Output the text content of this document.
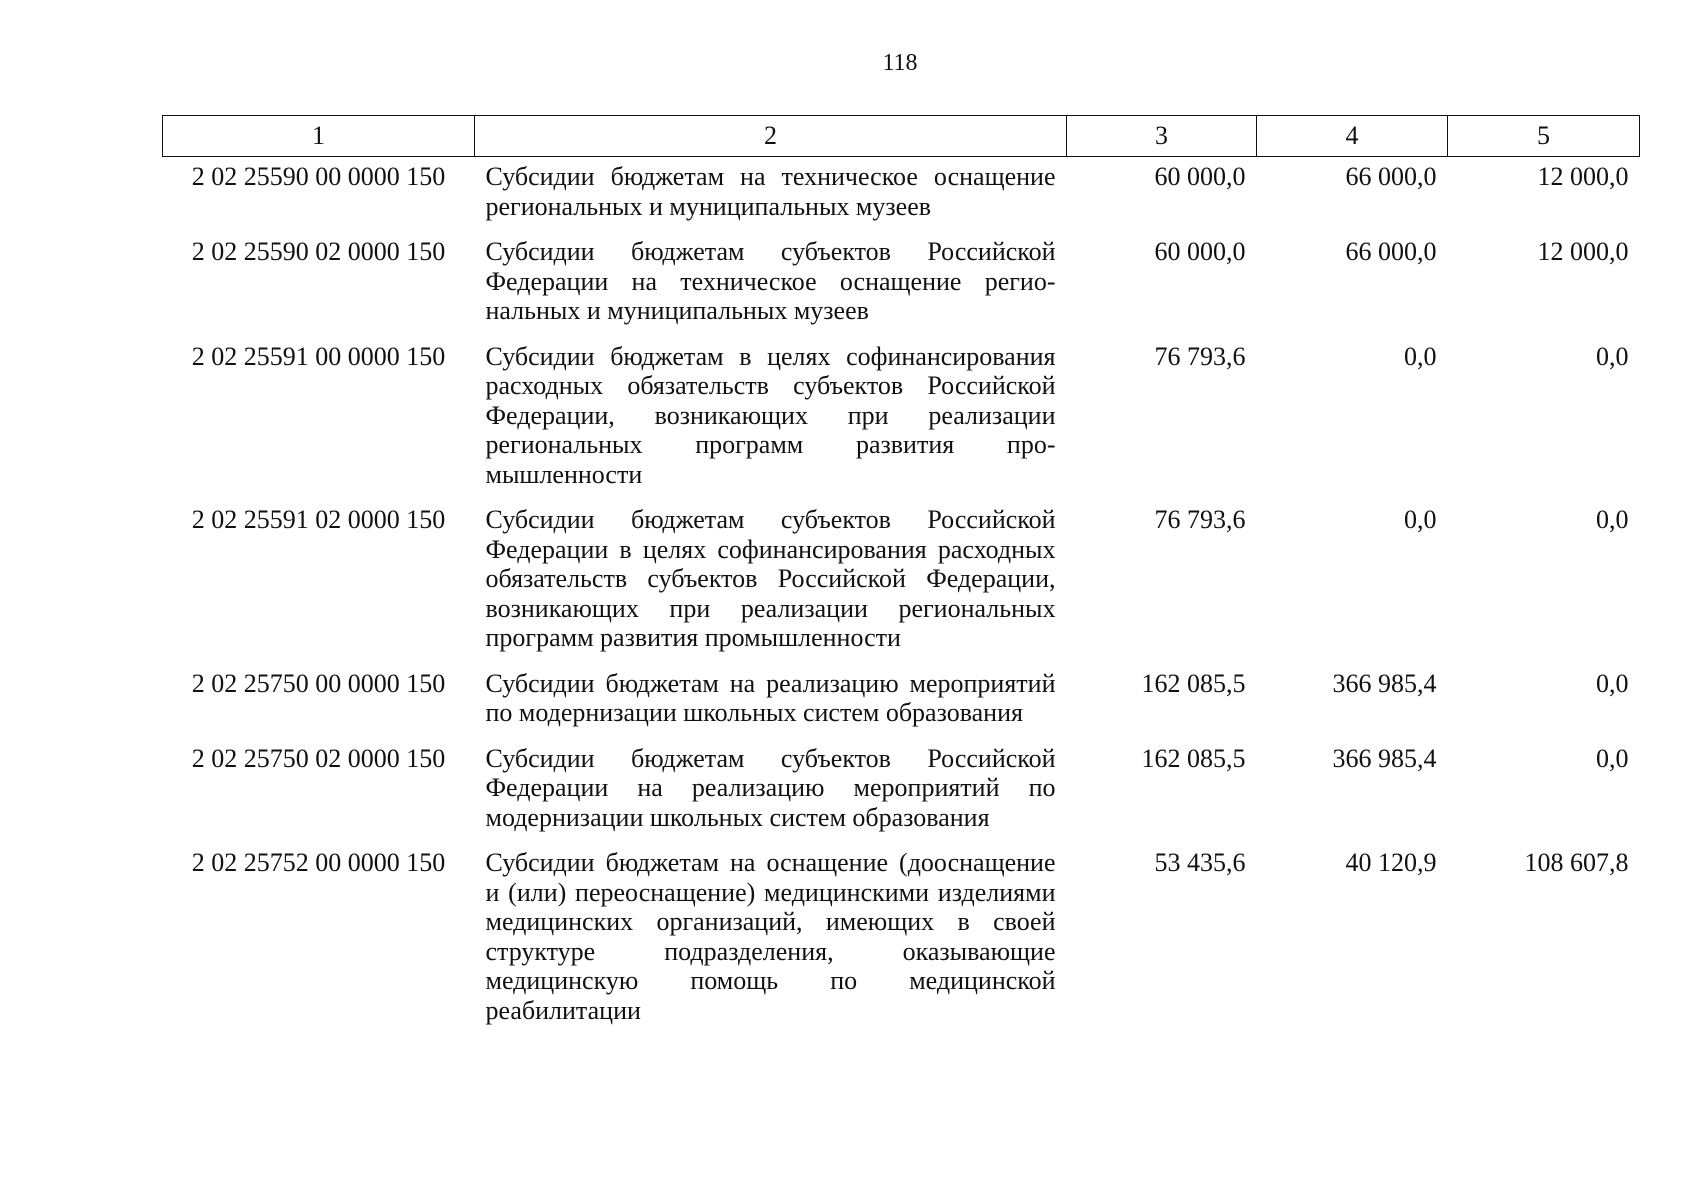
118
1	2	3	4	5
2 02 25590 00 0000 150	Субсидии бюджетам на техническое оснащение региональных и муниципальных музеев	60 000,0	66 000,0	12 000,0
2 02 25590 02 0000 150	Субсидии бюджетам субъектов Российской Федерации на техническое оснащение региональных и муниципальных музеев	60 000,0	66 000,0	12 000,0
2 02 25591 00 0000 150	Субсидии бюджетам в целях софинансирования расходных обязательств субъектов Российской Федерации, возникающих при реализации региональных программ развития промышленности	76 793,6	0,0	0,0
2 02 25591 02 0000 150	Субсидии бюджетам субъектов Российской Федерации в целях софинансирования расходных обязательств субъектов Российской Федерации, возникающих при реализации региональных программ развития промышленности	76 793,6	0,0	0,0
2 02 25750 00 0000 150	Субсидии бюджетам на реализацию мероприятий по модернизации школьных систем образования	162 085,5	366 985,4	0,0
2 02 25750 02 0000 150	Субсидии бюджетам субъектов Российской Федерации на реализацию мероприятий по модернизации школьных систем образования	162 085,5	366 985,4	0,0
2 02 25752 00 0000 150	Субсидии бюджетам на оснащение (дооснащение и (или) переоснащение) медицинскими изделиями медицинских организаций, имеющих в своей структуре подразделения, оказывающие медицинскую помощь по медицинской реабилитации	53 435,6	40 120,9	108 607,8
